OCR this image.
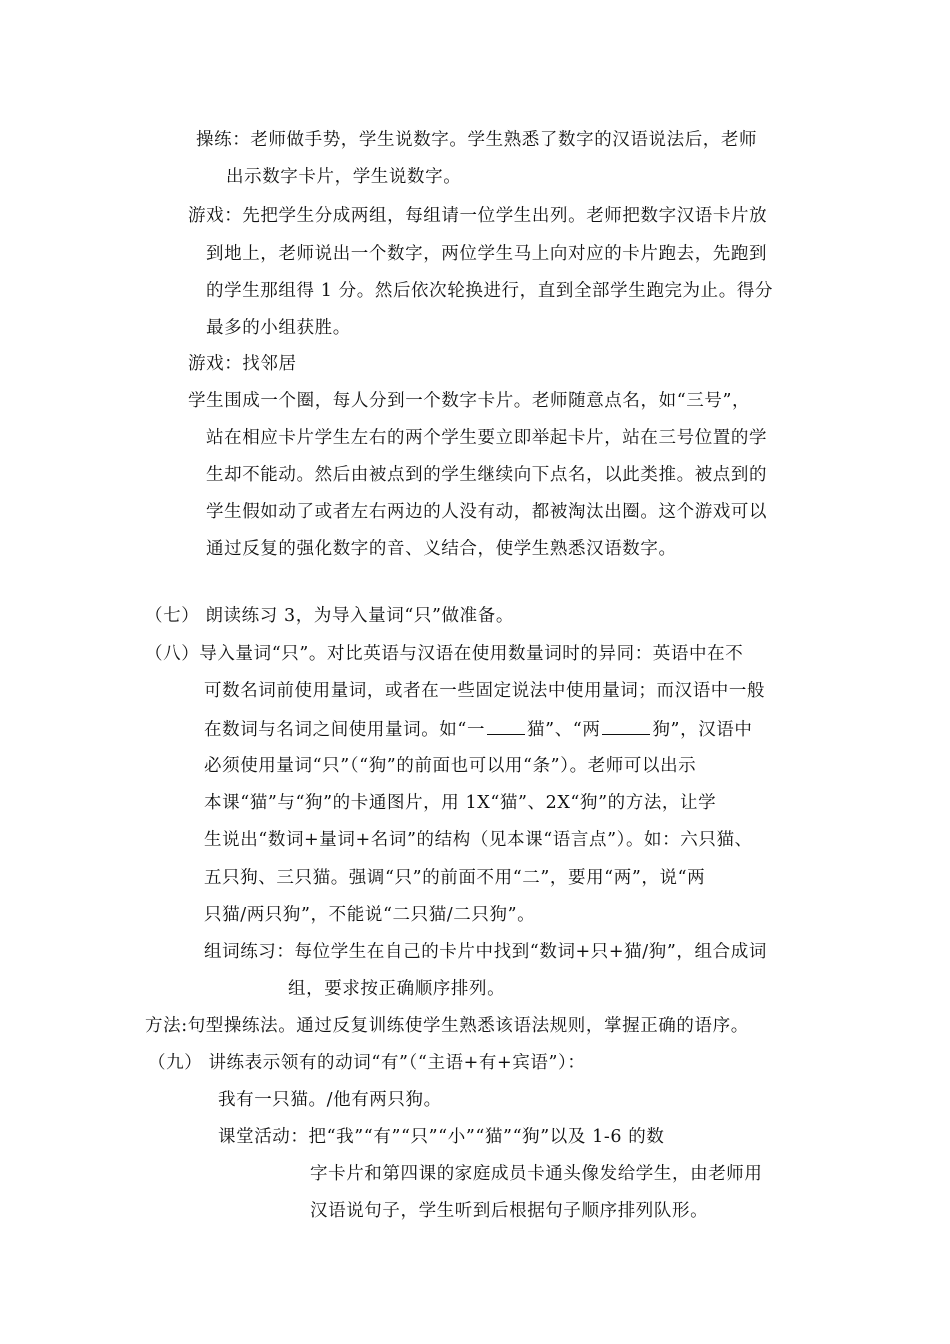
操练：老师做手势，学生说数字。学生熟悉了数字的汉语说法后，老师
出示数字卡片，学生说数字。
游戏：先把学生分成两组，每组请一位学生出列。老师把数字汉语卡片放
到地上，老师说出一个数字，两位学生马上向对应的卡片跑去，先跑到
的学生那组得 1 分。然后依次轮换进行，直到全部学生跑完为止。得分
最多的小组获胜。
游戏：找邻居
学生围成一个圈，每人分到一个数字卡片。老师随意点名，如“三号”，
站在相应卡片学生左右的两个学生要立即举起卡片，站在三号位置的学
生却不能动。然后由被点到的学生继续向下点名，以此类推。被点到的
学生假如动了或者左右两边的人没有动，都被淘汰出圈。这个游戏可以
通过反复的强化数字的音、义结合，使学生熟悉汉语数字。
（七） 朗读练习 3，为导入量词“只”做准备。
（八）导入量词“只”。对比英语与汉语在使用数量词时的异同：英语中在不
可数名词前使用量词，或者在一些固定说法中使用量词；而汉语中一般
在数词与名词之间使用量词。如“一 猫”、“两	狗”，汉语中
必须使用量词“只”（“狗”的前面也可以用“条”）。老师可以出示
本课“猫”与“狗”的卡通图片，用 1X“猫”、2X“狗”的方法，让学
生说出“数词+量词+名词”的结构（见本课“语言点”）。如：六只猫、
五只狗、三只猫。强调“只”的前面不用“二”，要用“两”，说“两
只猫/两只狗”，不能说“二只猫/二只狗”。
组词练习：每位学生在自己的卡片中找到“数词+只+猫/狗”，组合成词
组，要求按正确顺序排列。
方法:句型操练法。通过反复训练使学生熟悉该语法规则，掌握正确的语序。
（九） 讲练表示领有的动词“有”（“主语+有+宾语”）：
我有一只猫。/他有两只狗。
课堂活动：把“我”“有”“只”“小”“猫”“狗”以及 1-6 的数
字卡片和第四课的家庭成员卡通头像发给学生，由老师用
汉语说句子，学生听到后根据句子顺序排列队形。
